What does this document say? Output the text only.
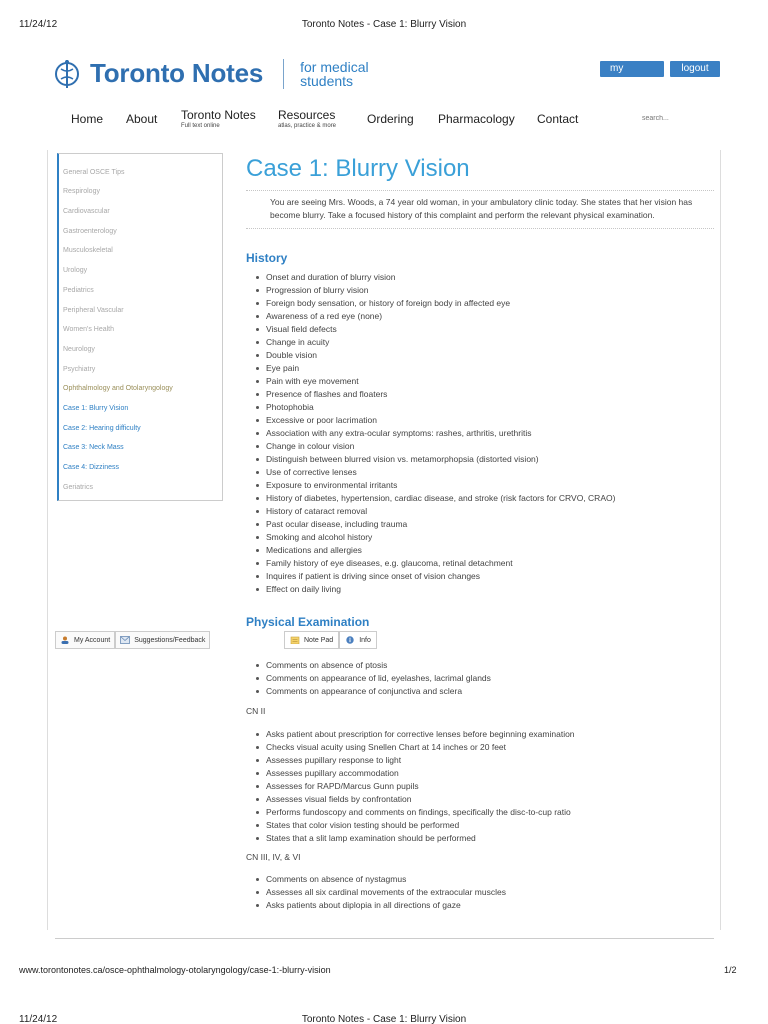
11/24/12	Toronto Notes - Case 1: Blurry Vision
Toronto Notes	for medical
students
my account
logout
Home About Toronto Notes
Full text online
Resources
atlas, practice & more	Ordering Pharmacology Contact
search...
General OSCE Tips
Respirology
Cardiovascular
Gastroenterology
Musculoskeletal
Urology
Pediatrics
Peripheral Vascular
Women's Health
Neurology
Psychiatry
Ophthalmology and Otolaryngology
Case 1: Blurry Vision
Case 2: Hearing difficulty
Case 3: Neck Mass
Case 4: Dizziness
Geriatrics
My Account	Suggestions/Feedback
Case 1: Blurry Vision

You are seeing Mrs. Woods, a 74 year old woman, in your ambulatory clinic today. She states that her vision has become blurry. Take a focused history of this complaint and perform the relevant physical examination.

History
Onset and duration of blurry vision
Progression of blurry vision
Foreign body sensation, or history of foreign body in affected eye
Awareness of a red eye (none)
Visual field defects
Change in acuity
Double vision
Eye pain
Pain with eye movement
Presence of flashes and floaters
Photophobia
Excessive or poor lacrimation
Association with any extra-ocular symptoms: rashes, arthritis, urethritis
Change in colour vision
Distinguish between blurred vision vs. metamorphopsia (distorted vision)
Use of corrective lenses
Exposure to environmental irritants
History of diabetes, hypertension, cardiac disease, and stroke (risk factors for CRVO, CRAO)
History of cataract removal
Past ocular disease, including trauma
Smoking and alcohol history
Medications and allergies
Family history of eye diseases, e.g. glaucoma, retinal detachment
Inquires if patient is driving since onset of vision changes
Effect on daily living
Physical Examination
Note Pad	Info
Comments on absence of ptosis
Comments on appearance of lid, eyelashes, lacrimal glands
Comments on appearance of conjunctiva and sclera
CN II
Asks patient about prescription for corrective lenses before beginning examination
Checks visual acuity using Snellen Chart at 14 inches or 20 feet
Assesses pupillary response to light
Assesses pupillary accommodation
Assesses for RAPD/Marcus Gunn pupils
Assesses visual fields by confrontation
Performs fundoscopy and comments on findings, specifically the disc-to-cup ratio
States that color vision testing should be performed
States that a slit lamp examination should be performed
CN III, IV, & VI
Comments on absence of nystagmus
Assesses all six cardinal movements of the extraocular muscles
Asks patients about diplopia in all directions of gaze
www.torontonotes.ca/osce-ophthalmology-otolaryngology/case-1:-blurry-vision	1/2
11/24/12	Toronto Notes - Case 1: Blurry Vision
